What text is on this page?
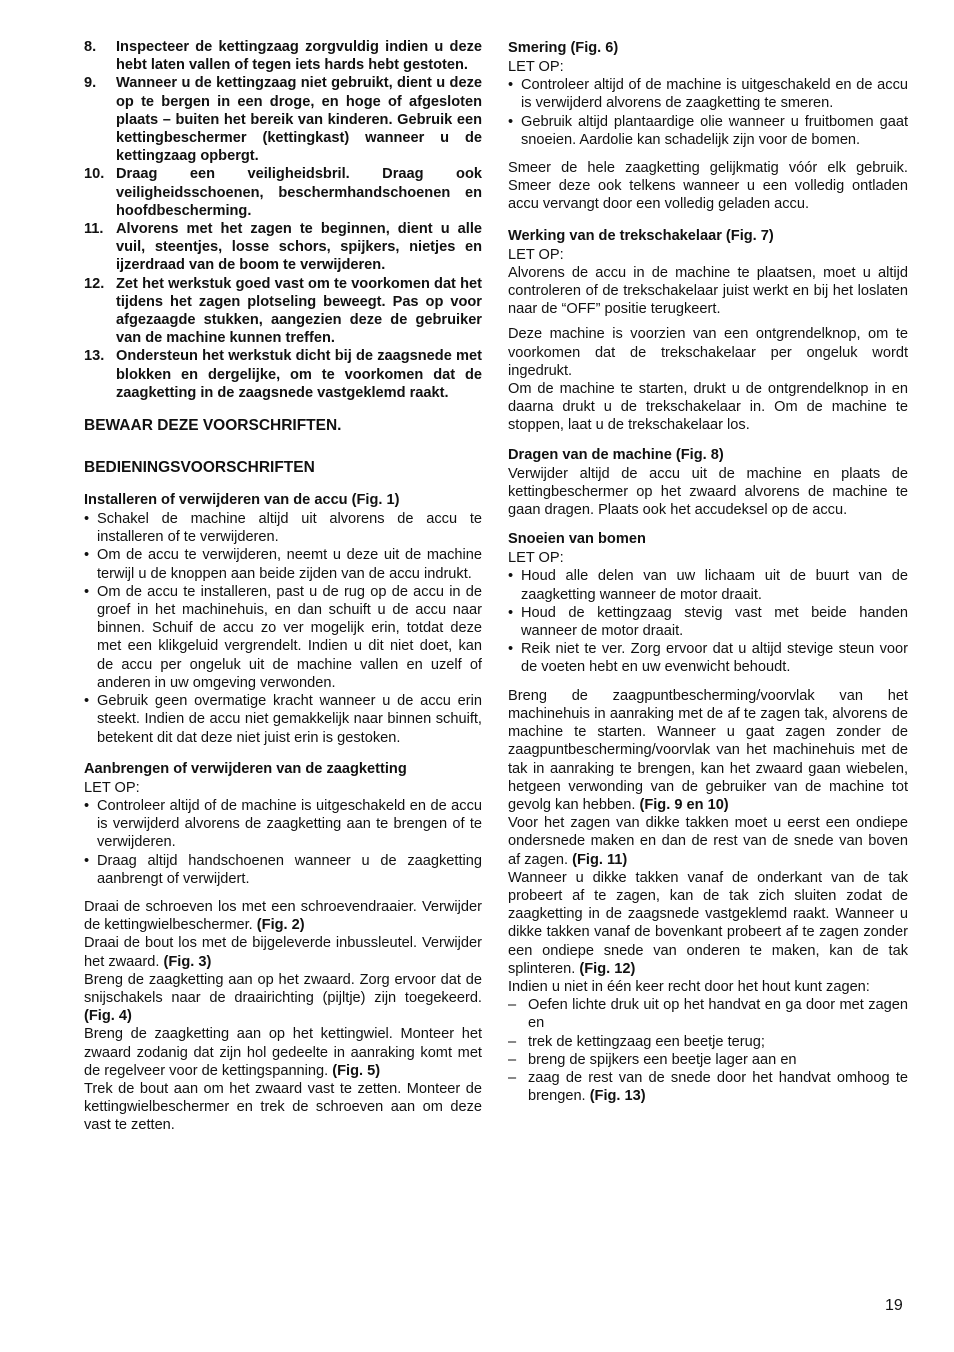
8. Inspecteer de kettingzaag zorgvuldig indien u deze hebt laten vallen of tegen iets hards hebt gestoten.
9. Wanneer u de kettingzaag niet gebruikt, dient u deze op te bergen in een droge, en hoge of afgesloten plaats – buiten het bereik van kinderen. Gebruik een kettingbeschermer (kettingkast) wanneer u de kettingzaag opbergt.
10. Draag een veiligheidsbril. Draag ook veiligheidsschoenen, beschermhandschoenen en hoofdbescherming.
11. Alvorens met het zagen te beginnen, dient u alle vuil, steentjes, losse schors, spijkers, nietjes en ijzerdraad van de boom te verwijderen.
12. Zet het werkstuk goed vast om te voorkomen dat het tijdens het zagen plotseling beweegt. Pas op voor afgezaagde stukken, aangezien deze de gebruiker van de machine kunnen treffen.
13. Ondersteun het werkstuk dicht bij de zaagsnede met blokken en dergelijke, om te voorkomen dat de zaagketting in de zaagsnede vastgeklemd raakt.
BEWAAR DEZE VOORSCHRIFTEN.
BEDIENINGSVOORSCHRIFTEN
Installeren of verwijderen van de accu (Fig. 1)
• Schakel de machine altijd uit alvorens de accu te installeren of te verwijderen.
• Om de accu te verwijderen, neemt u deze uit de machine terwijl u de knoppen aan beide zijden van de accu indrukt.
• Om de accu te installeren, past u de rug op de accu in de groef in het machinehuis, en dan schuift u de accu naar binnen. Schuif de accu zo ver mogelijk erin, totdat deze met een klikgeluid vergrendelt. Indien u dit niet doet, kan de accu per ongeluk uit de machine vallen en uzelf of anderen in uw omgeving verwonden.
• Gebruik geen overmatige kracht wanneer u de accu erin steekt. Indien de accu niet gemakkelijk naar binnen schuift, betekent dit dat deze niet juist erin is gestoken.
Aanbrengen of verwijderen van de zaagketting

LET OP:

• Controleer altijd of de machine is uitgeschakeld en de accu is verwijderd alvorens de zaagketting aan te brengen of te verwijderen.
• Draag altijd handschoenen wanneer u de zaagketting aanbrengt of verwijdert.

Draai de schroeven los met een schroevendraaier. Verwijder de kettingwielbeschermer. (Fig. 2)

Draai de bout los met de bijgeleverde inbussleutel. Verwijder het zwaard. (Fig. 3)

Breng de zaagketting aan op het zwaard. Zorg ervoor dat de snijschakels naar de draairichting (pijltje) zijn toegekeerd. (Fig. 4)

Breng de zaagketting aan op het kettingwiel. Monteer het zwaard zodanig dat zijn hol gedeelte in aanraking komt met de regelveer voor de kettingspanning. (Fig. 5)

Trek de bout aan om het zwaard vast te zetten. Monteer de kettingwielbeschermer en trek de schroeven aan om deze vast te zetten.

Smering (Fig. 6)

LET OP:

• Controleer altijd of de machine is uitgeschakeld en de accu is verwijderd alvorens de zaagketting te smeren.
• Gebruik altijd plantaardige olie wanneer u fruitbomen gaat snoeien. Aardolie kan schadelijk zijn voor de bomen.

Smeer de hele zaagketting gelijkmatig vóór elk gebruik. Smeer deze ook telkens wanneer u een volledig ontladen accu vervangt door een volledig geladen accu.

Werking van de trekschakelaar (Fig. 7)

LET OP:

Alvorens de accu in de machine te plaatsen, moet u altijd controleren of de trekschakelaar juist werkt en bij het loslaten naar de “OFF” positie terugkeert.

Deze machine is voorzien van een ontgrendelknop, om te voorkomen dat de trekschakelaar per ongeluk wordt ingedrukt.

Om de machine te starten, drukt u de ontgrendelknop in en daarna drukt u de trekschakelaar in. Om de machine te stoppen, laat u de trekschakelaar los.

Dragen van de machine (Fig. 8)

Verwijder altijd de accu uit de machine en plaats de kettingbeschermer op het zwaard alvorens de machine te gaan dragen. Plaats ook het accudeksel op de accu.

Snoeien van bomen

LET OP:

• Houd alle delen van uw lichaam uit de buurt van de zaagketting wanneer de motor draait.
• Houd de kettingzaag stevig vast met beide handen wanneer de motor draait.
• Reik niet te ver. Zorg ervoor dat u altijd stevige steun voor de voeten hebt en uw evenwicht behoudt.

Breng de zaagpuntbescherming/voorvlak van het machinehuis in aanraking met de af te zagen tak, alvorens de machine te starten. Wanneer u gaat zagen zonder de zaagpuntbescherming/voorvlak van het machinehuis met de tak in aanraking te brengen, kan het zwaard gaan wiebelen, hetgeen verwonding van de gebruiker van de machine tot gevolg kan hebben. (Fig. 9 en 10)

Voor het zagen van dikke takken moet u eerst een ondiepe ondersnede maken en dan de rest van de snede van boven af zagen. (Fig. 11)

Wanneer u dikke takken vanaf de onderkant van de tak probeert af te zagen, kan de tak zich sluiten zodat de zaagketting in de zaagsnede vastgeklemd raakt. Wanneer u dikke takken vanaf de bovenkant probeert af te zagen zonder een ondiepe snede van onderen te maken, kan de tak splinteren. (Fig. 12)

Indien u niet in één keer recht door het hout kunt zagen:

– Oefen lichte druk uit op het handvat en ga door met zagen en
– trek de kettingzaag een beetje terug;
– breng de spijkers een beetje lager aan en
– zaag de rest van de snede door het handvat omhoog te brengen. (Fig. 13)
19
